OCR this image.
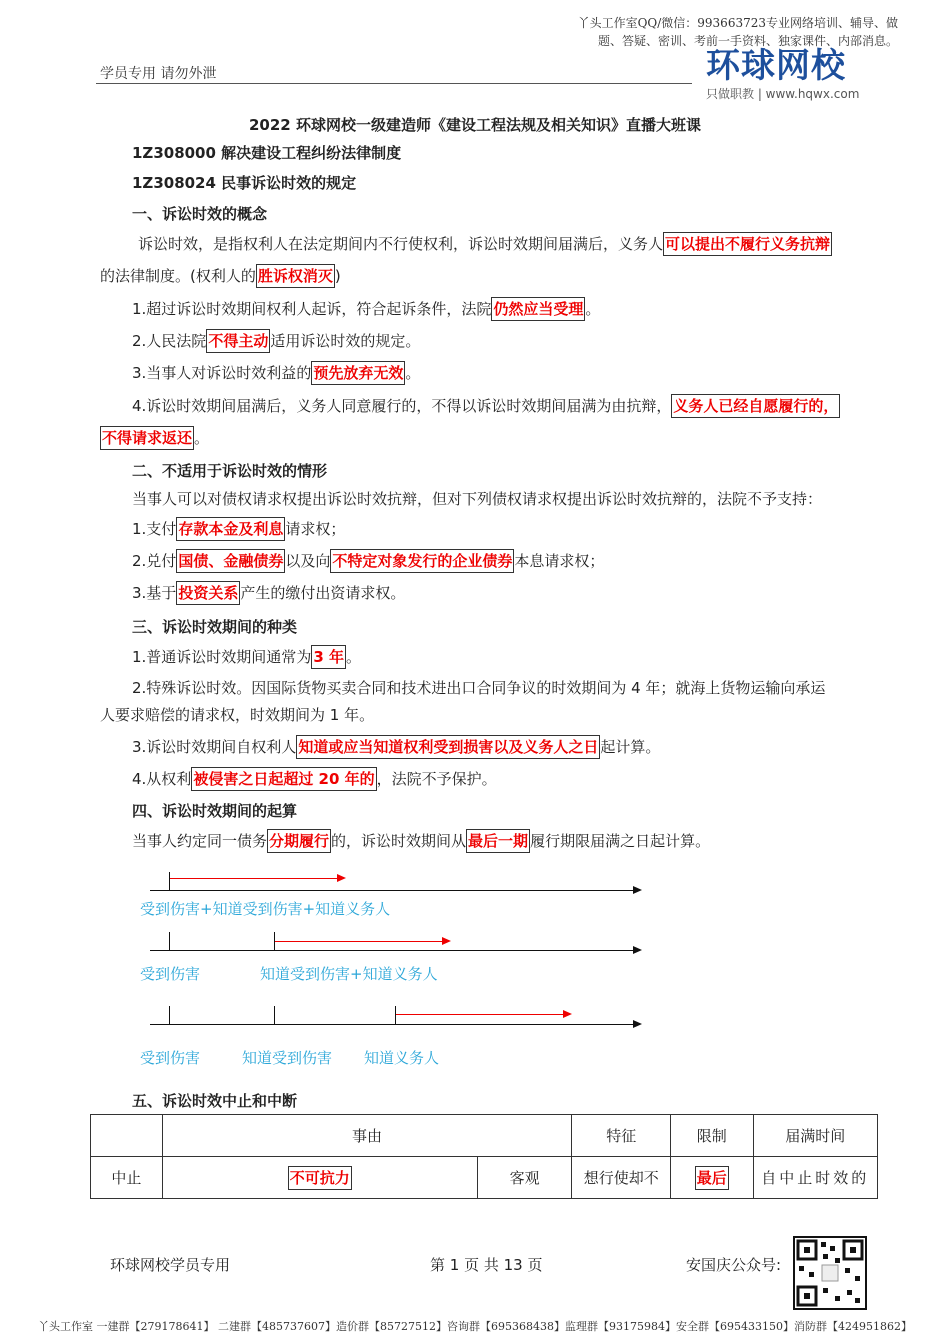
丫头工作室QQ/微信：993663723专业网络培训、辅导、做题、答疑、密训、考前一手资料、独家课件、内部消息。
学员专用 请勿外泄	环球网校
只做职教 | www.hqwx.com
2022 环球网校一级建造师《建设工程法规及相关知识》直播大班课
1Z308000 解决建设工程纠纷法律制度
1Z308024 民事诉讼时效的规定
一、诉讼时效的概念
诉讼时效，是指权利人在法定期间内不行使权利，诉讼时效期间届满后，义务人 可以提出不履行义务抗辩
的法律制度。(权利人的 胜诉权消灭 )
1.超过诉讼时效期间权利人起诉，符合起诉条件，法院 仍然应当受理 。
2.人民法院 不得主动 适用诉讼时效的规定。
3.当事人对诉讼时效利益的 预先放弃无效 。
4.诉讼时效期间届满后，义务人同意履行的，不得以诉讼时效期间届满为由抗辩， 义务人已经自愿履行的，
不得请求返还 。
二、不适用于诉讼时效的情形
当事人可以对债权请求权提出诉讼时效抗辩，但对下列债权请求权提出诉讼时效抗辩的，法院不予支持：
1.支付 存款本金及利息 请求权；
2.兑付 国债、金融债券 以及向 不特定对象发行的企业债券 本息请求权；
3.基于 投资关系 产生的缴付出资请求权。
三、诉讼时效期间的种类
1.普通诉讼时效期间通常为 3 年 。
2.特殊诉讼时效。因国际货物买卖合同和技术进出口合同争议的时效期间为 4 年；就海上货物运输向承运
人要求赔偿的请求权，时效期间为 1 年。
3.诉讼时效期间自权利人 知道或应当知道权利受到损害以及义务人之日 起计算。
4.从权利 被侵害之日起超过 20 年的 ，法院不予保护。
四、诉讼时效期间的起算
当事人约定同一债务 分期履行 的，诉讼时效期间从 最后一期 履行期限届满之日起计算。
受到伤害+知道受到伤害+知道义务人
受到伤害	知道受到伤害+知道义务人
受到伤害	知道受到伤害 知道义务人
五、诉讼时效中止和中断
	事由		特征	限制	届满时间
中止	不可抗力	客观	想行使却不	最后	自中止时效的
环球网校学员专用	第 1 页 共 13 页	安国庆公众号:
丫头工作室 一建群【279178641】 二建群【485737607】造价群【85727512】咨询群【695368438】监理群【93175984】安全群【695433150】消防群【424951862】
